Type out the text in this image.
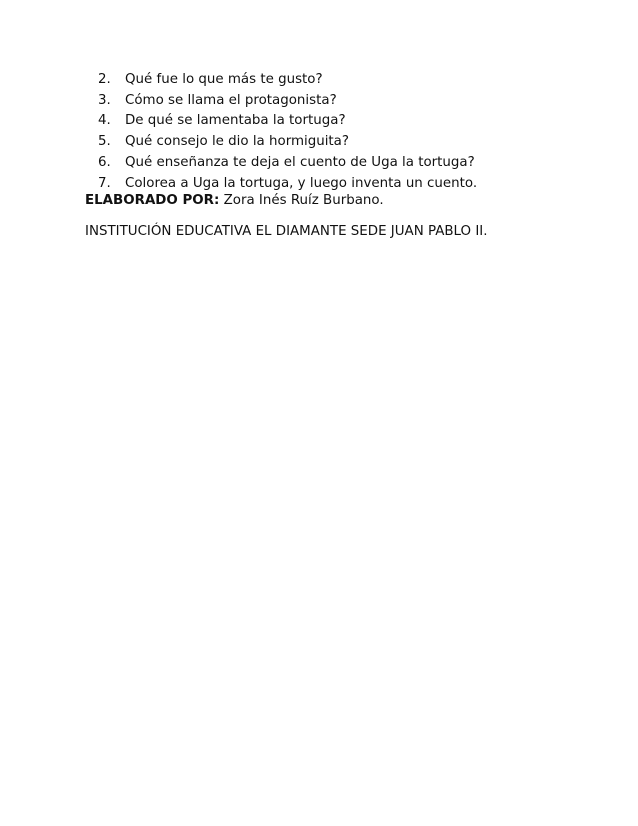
2.	Qué fue lo que más te gusto?
3.	Cómo se llama el protagonista?
4.	De qué se lamentaba la tortuga?
5.	Qué consejo le dio la hormiguita?
6.	Qué enseñanza te deja el cuento de Uga la tortuga?
7.	Colorea a Uga la tortuga, y luego inventa un cuento.

ELABORADO POR: Zora Inés Ruíz Burbano.

INSTITUCIÓN EDUCATIVA EL DIAMANTE SEDE JUAN PABLO II.
